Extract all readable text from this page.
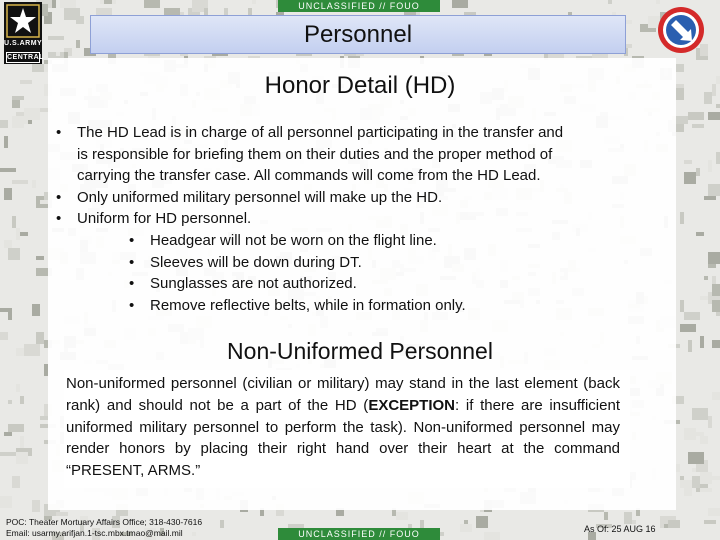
UNCLASSIFIED // FOUO
U.S.ARMY
CENTRAL
Personnel
Honor Detail (HD)
• The HD Lead is in charge of all personnel participating in the transfer and
is responsible for briefing them on their duties and the proper method of
carrying the transfer case. All commands will come from the HD Lead.
• Only uniformed military personnel will make up the HD.
• Uniform for HD personnel.
• Headgear will not be worn on the flight line.
• Sleeves will be down during DT.
• Sunglasses are not authorized.
• Remove reflective belts, while in formation only.
Non-Uniformed Personnel
Non-uniformed personnel (civilian or military) may stand in the last element (back rank) and should not be a part of the HD (EXCEPTION: if there are insufficient uniformed military personnel to perform the task). Non-uniformed personnel may render honors by placing their right hand over their heart at the command “PRESENT, ARMS.”
POC: Theater Mortuary Affairs Office; 318-430-7616
Email: usarmy.arifjan.1-tsc.mbx.tmao@mail.mil	UNCLASSIFIED // FOUO	As Of: 25 AUG 16
